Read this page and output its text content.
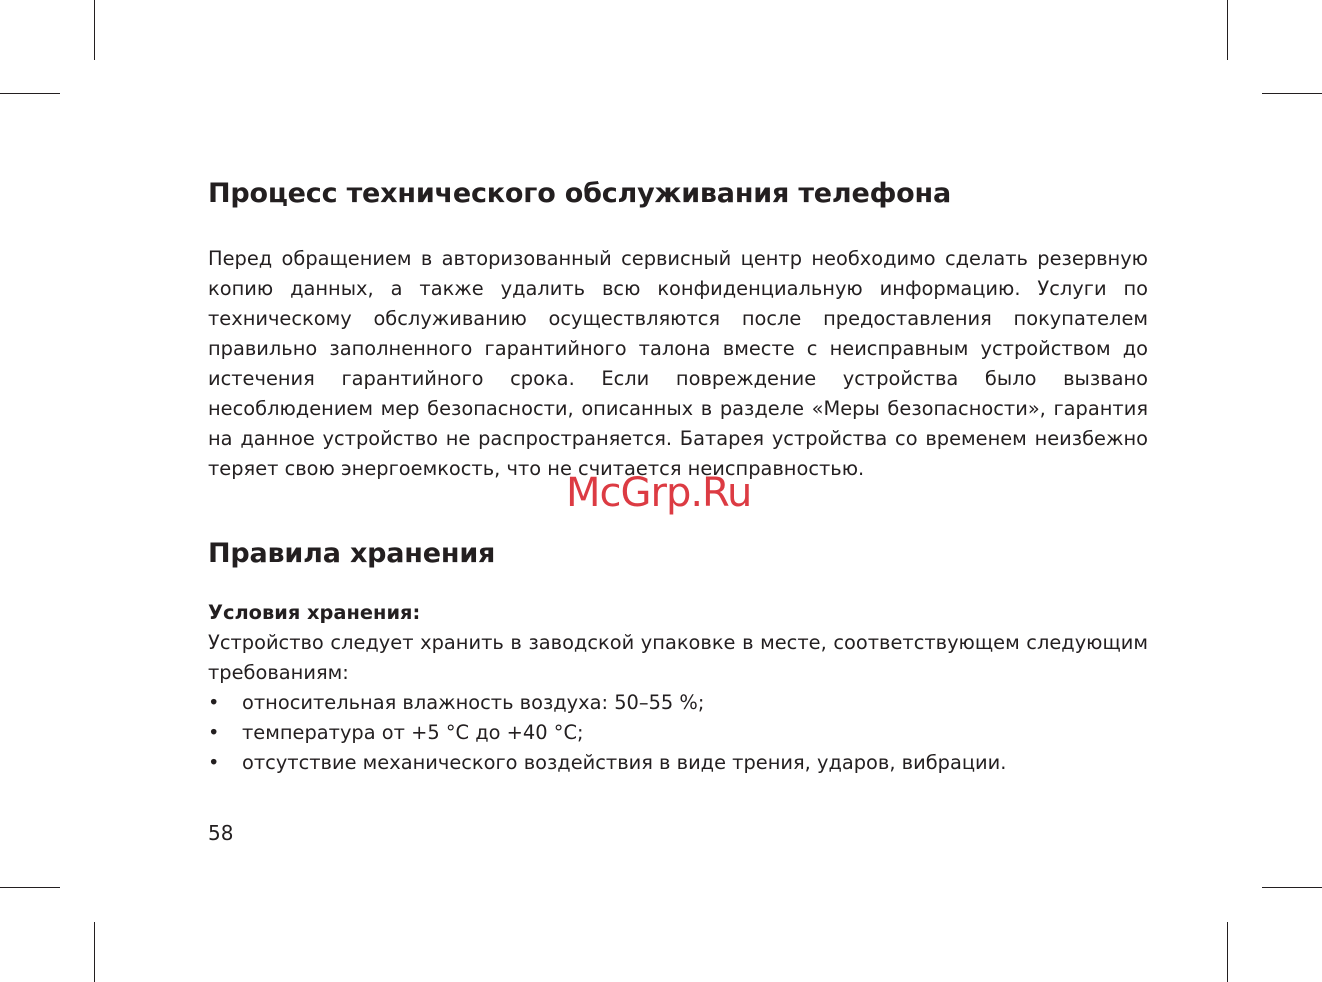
Процесс технического обслуживания телефона

Перед обращением в авторизованный сервисный центр необходимо сделать резервную копию данных, а также удалить всю конфиденциальную информацию. Услуги по техническому обслуживанию осуществляются после предоставления покупателем правильно заполненного гарантийного талона вместе с неисправным устройством до истечения гарантийного срока. Если повреждение устройства было вызвано несоблюдением мер безопасности, описанных в разделе «Меры безопасности», гарантия на данное устройство не распространяется. Батарея устройства со временем неизбежно теряет свою энергоемкость, что не считается неисправностью.

Правила хранения

Условия хранения:

Устройство следует хранить в заводской упаковке в месте, соответствующем следующим требованиям:

• относительная влажность воздуха: 50–55 %;
• температура от +5 °C до +40 °C;
• отсутствие механического воздействия в виде трения, ударов, вибрации.
58
McGrp.Ru
